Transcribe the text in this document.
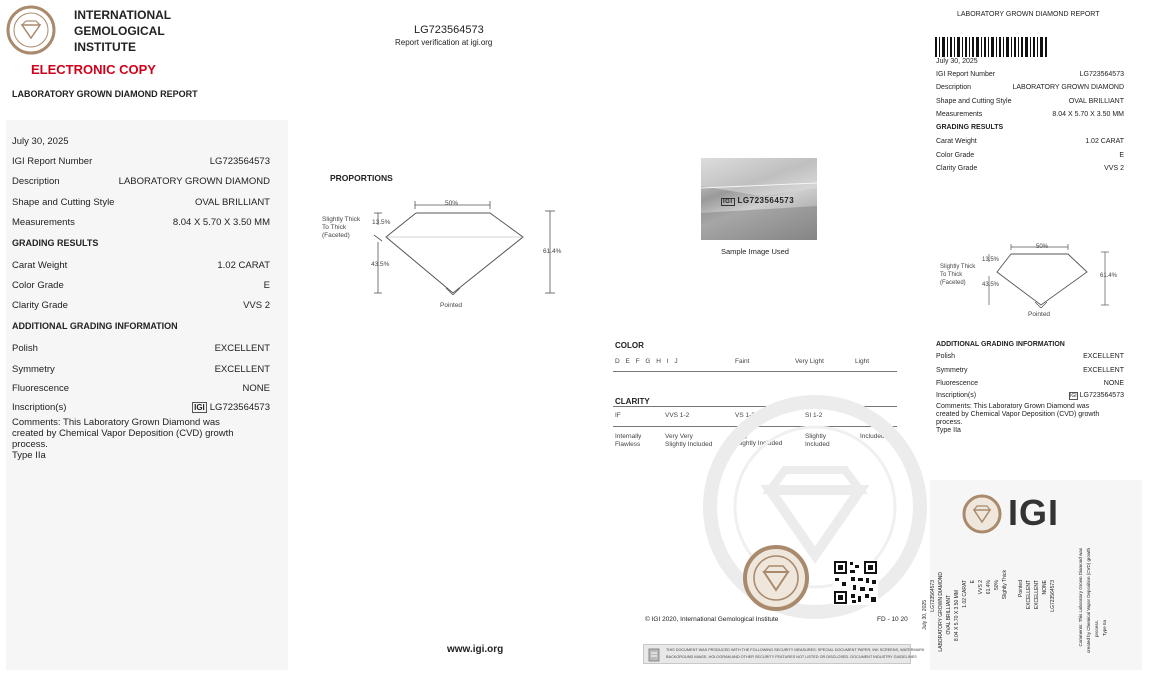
INTERNATIONAL
GEMOLOGICAL
INSTITUTE
ELECTRONIC COPY
LABORATORY GROWN DIAMOND REPORT
LG723564573
Report verification at igi.org
July 30, 2025
IGI Report Number	LG723564573
Description	LABORATORY GROWN DIAMOND
Shape and Cutting Style	OVAL BRILLIANT
Measurements	8.04 X 5.70 X 3.50 MM
GRADING RESULTS
Carat Weight	1.02 CARAT
Color Grade	E
Clarity Grade	VVS 2
ADDITIONAL GRADING INFORMATION
Polish	EXCELLENT
Symmetry	EXCELLENT
Fluorescence	NONE
Inscription(s)	IGI LG723564573
Comments: This Laboratory Grown Diamond was
created by Chemical Vapor Deposition (CVD) growth
process.
Type IIa
PROPORTIONS
50%
13.5%
43.5%
61.4%
Slightly Thick
To Thick
(Faceted)
Pointed
IGI LG723564573
Sample Image Used
COLOR
D E F G H I J	Faint	Very Light	Light
CLARITY
IF	VVS 1-2	VS 1-2	SI 1-2	I 1-3
Internally
Flawless
Very Very
Slightly Included
Very
Slightly Included
Slightly
Included
Included
© IGI 2020, International Gemological Institute	FD - 10 20
www.igi.org	THIS DOCUMENT WAS PRODUCED WITH THE FOLLOWING SECURITY MEASURES: SPECIAL DOCUMENT PAPER, INK SCREENS, WATERMARK
BACKGROUND IMAGE, HOLOGRAM AND OTHER SECURITY FEATURES NOT LISTED OR DISCLOSED. DOCUMENT INDUSTRY GUIDELINES
LABORATORY GROWN DIAMOND REPORT
July 30, 2025
IGI Report Number	LG723564573
Description	LABORATORY GROWN DIAMOND
Shape and Cutting Style	OVAL BRILLIANT
Measurements	8.04 X 5.70 X 3.50 MM
GRADING RESULTS
Carat Weight	1.02 CARAT
Color Grade	E
Clarity Grade	VVS 2
50%
13.5%
43.5%
61.4%
Slightly Thick
To Thick
(Faceted)
Pointed
ADDITIONAL GRADING INFORMATION
Polish	EXCELLENT
Symmetry	EXCELLENT
Fluorescence	NONE
Inscription(s)	IGI LG723564573
Comments: This Laboratory Grown Diamond was
created by Chemical Vapor Deposition (CVD) growth
process.
Type IIa
IGI
July 30, 2025
LG723564573 LABORATORY GROWN DIAMOND OVAL BRILLIANT 8.04 X 5.70 X 3.50 MM 1.02 CARAT E VVS 2 61.4% 50% Slightly Thick Pointed EXCELLENT EXCELLENT NONE LG723564573	Comments: This Laboratory Grown Diamond was created by Chemical Vapor Deposition (CVD) growth process. Type IIa
